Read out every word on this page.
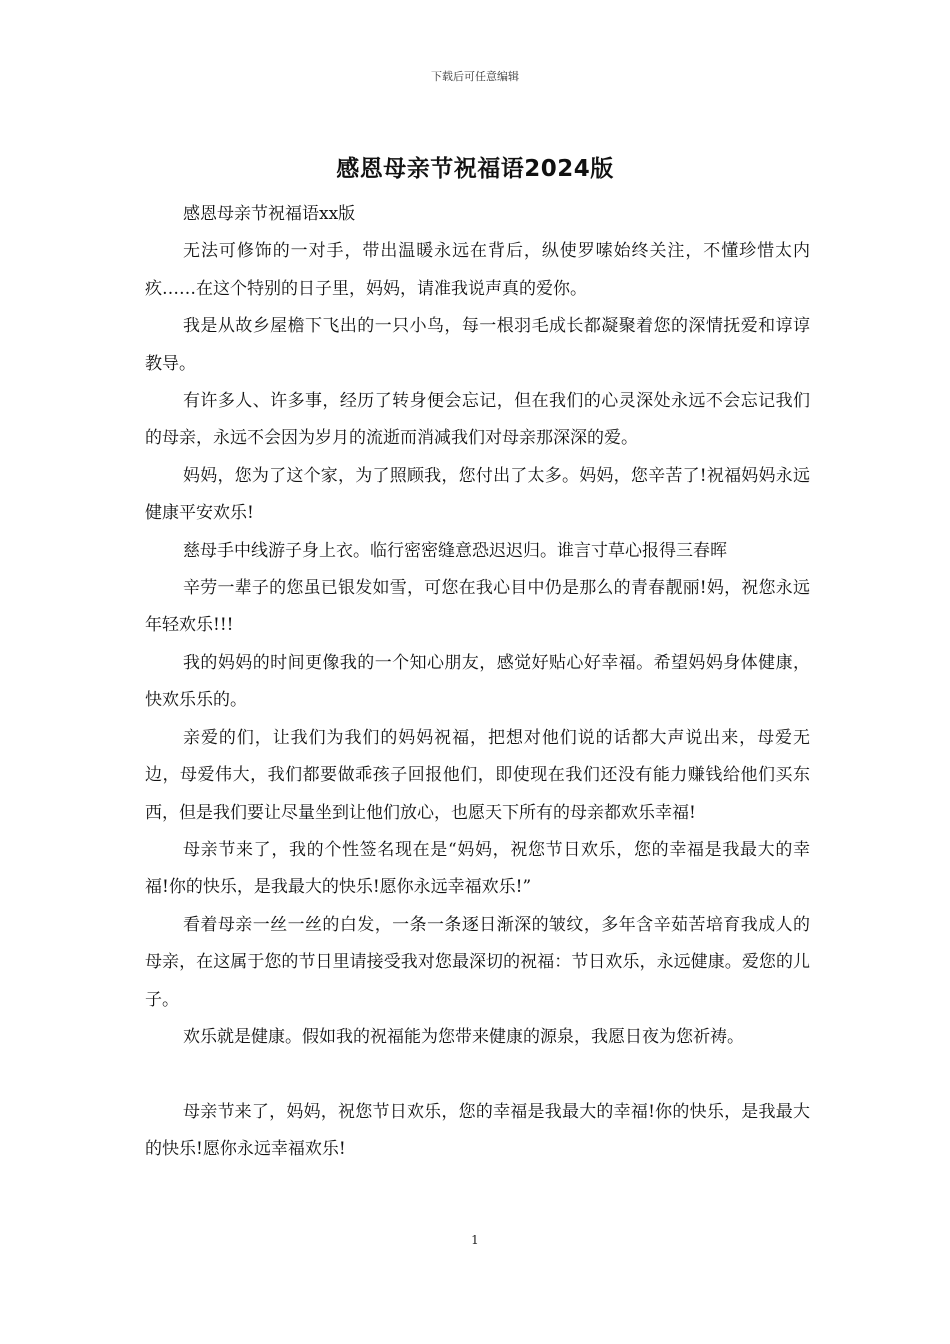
下载后可任意编辑
感恩母亲节祝福语2024版

感恩母亲节祝福语xx版

无法可修饰的一对手，带出温暖永远在背后，纵使罗嗦始终关注，不懂珍惜太内疚……在这个特别的日子里，妈妈，请准我说声真的爱你。

我是从故乡屋檐下飞出的一只小鸟，每一根羽毛成长都凝聚着您的深情抚爱和谆谆教导。

有许多人、许多事，经历了转身便会忘记，但在我们的心灵深处永远不会忘记我们的母亲，永远不会因为岁月的流逝而消减我们对母亲那深深的爱。

妈妈，您为了这个家，为了照顾我，您付出了太多。妈妈，您辛苦了!祝福妈妈永远健康平安欢乐!

慈母手中线游子身上衣。临行密密缝意恐迟迟归。谁言寸草心报得三春晖

辛劳一辈子的您虽已银发如雪，可您在我心目中仍是那么的青春靓丽!妈，祝您永远年轻欢乐!!!

我的妈妈的时间更像我的一个知心朋友，感觉好贴心好幸福。希望妈妈身体健康，快欢乐乐的。

亲爱的们，让我们为我们的妈妈祝福，把想对他们说的话都大声说出来，母爱无边，母爱伟大，我们都要做乖孩子回报他们，即使现在我们还没有能力赚钱给他们买东西，但是我们要让尽量坐到让他们放心，也愿天下所有的母亲都欢乐幸福!

母亲节来了，我的个性签名现在是“妈妈，祝您节日欢乐，您的幸福是我最大的幸福!你的快乐，是我最大的快乐!愿你永远幸福欢乐!”

看着母亲一丝一丝的白发，一条一条逐日渐深的皱纹，多年含辛茹苦培育我成人的母亲，在这属于您的节日里请接受我对您最深切的祝福：节日欢乐，永远健康。爱您的儿子。

欢乐就是健康。假如我的祝福能为您带来健康的源泉，我愿日夜为您祈祷。

母亲节来了，妈妈，祝您节日欢乐，您的幸福是我最大的幸福!你的快乐，是我最大的快乐!愿你永远幸福欢乐!

1
